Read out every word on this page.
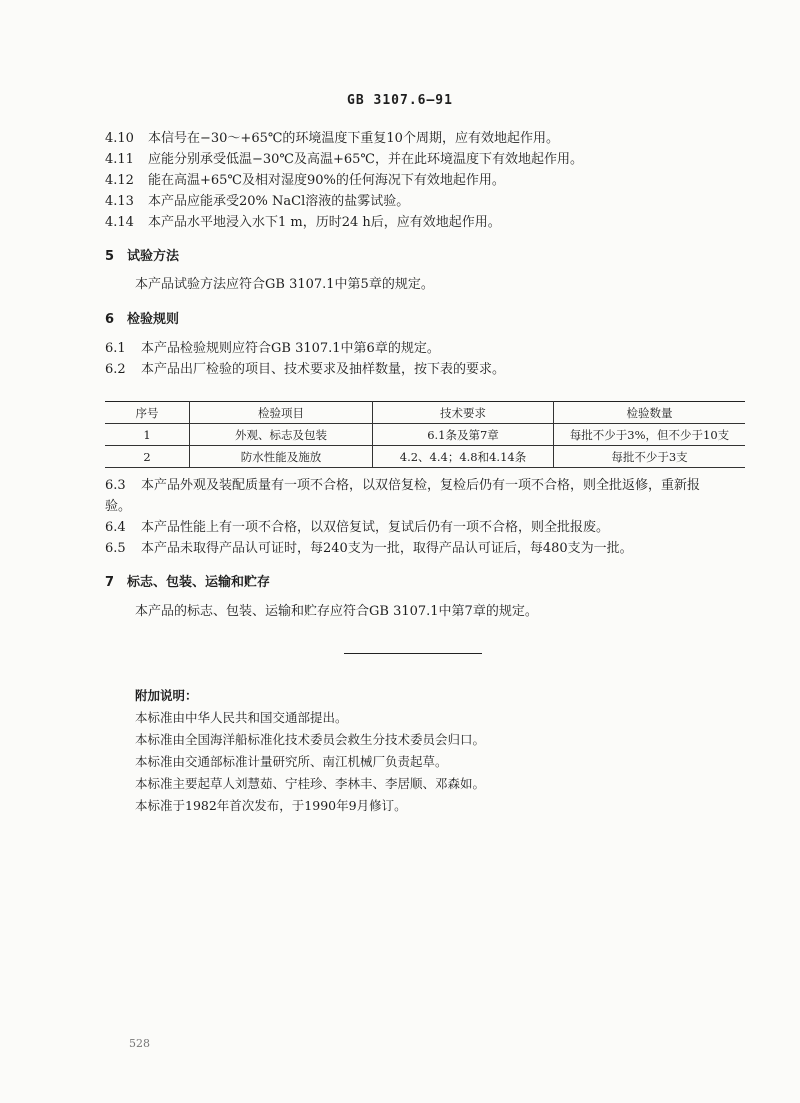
GB 3107.6—91
4.10 本信号在−30～+65℃的环境温度下重复10个周期，应有效地起作用。
4.11 应能分别承受低温−30℃及高温+65℃，并在此环境温度下有效地起作用。
4.12 能在高温+65℃及相对湿度90%的任何海况下有效地起作用。
4.13 本产品应能承受20% NaCl溶液的盐雾试验。
4.14 本产品水平地浸入水下1 m，历时24 h后，应有效地起作用。
5 试验方法
本产品试验方法应符合GB 3107.1中第5章的规定。
6 检验规则
6.1 本产品检验规则应符合GB 3107.1中第6章的规定。
6.2 本产品出厂检验的项目、技术要求及抽样数量，按下表的要求。
序号	检验项目	技术要求	检验数量
1	外观、标志及包装	6.1条及第7章	每批不少于3%，但不少于10支
2	防水性能及施放	4.2、4.4；4.8和4.14条	每批不少于3支
6.3 本产品外观及装配质量有一项不合格，以双倍复检，复检后仍有一项不合格，则全批返修，重新报
验。
6.4 本产品性能上有一项不合格，以双倍复试，复试后仍有一项不合格，则全批报废。
6.5 本产品未取得产品认可证时，每240支为一批，取得产品认可证后，每480支为一批。
7 标志、包装、运输和贮存
本产品的标志、包装、运输和贮存应符合GB 3107.1中第7章的规定。
附加说明：
本标准由中华人民共和国交通部提出。
本标准由全国海洋船标准化技术委员会救生分技术委员会归口。
本标准由交通部标准计量研究所、南江机械厂负责起草。
本标准主要起草人刘慧茹、宁桂珍、李林丰、李居顺、邓森如。
本标准于1982年首次发布，于1990年9月修订。
528
